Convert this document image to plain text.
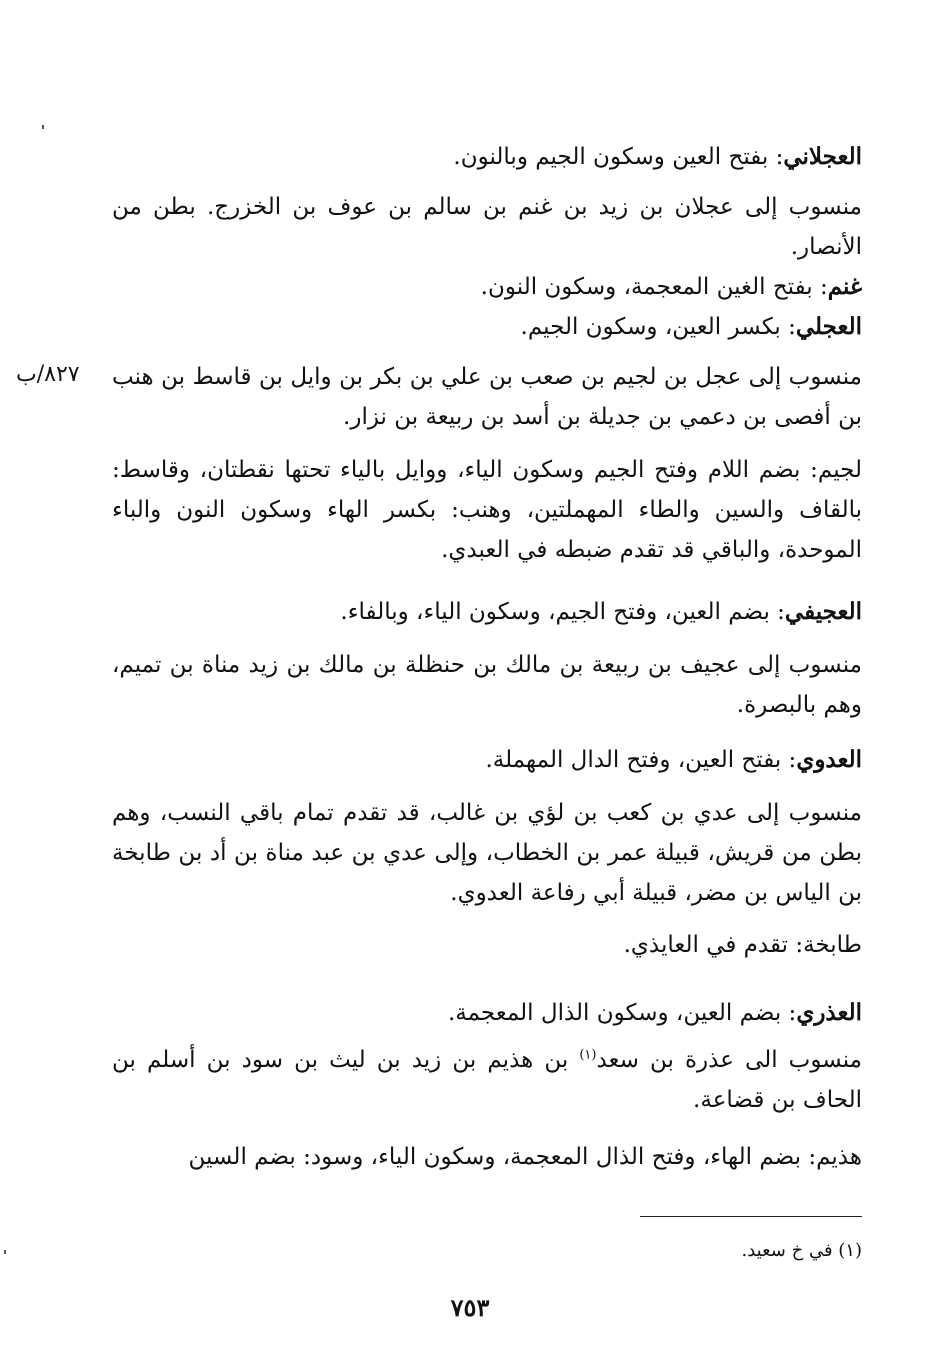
٨٢٧/ب

العجلاني: بفتح العين وسكون الجيم وبالنون.

منسوب إلى عجلان بن زيد بن غنم بن سالم بن عوف بن الخزرج. بطن من الأنصار.

غنم: بفتح الغين المعجمة، وسكون النون.

العجلي: بكسر العين، وسكون الجيم.

منسوب إلى عجل بن لجيم بن صعب بن علي بن بكر بن وايل بن قاسط بن هنب بن أفصى بن دعمي بن جديلة بن أسد بن ربيعة بن نزار.

لجيم: بضم اللام وفتح الجيم وسكون الياء، ووايل بالياء تحتها نقطتان، وقاسط: بالقاف والسين والطاء المهملتين، وهنب: بكسر الهاء وسكون النون والباء الموحدة، والباقي قد تقدم ضبطه في العبدي.

العجيفي: بضم العين، وفتح الجيم، وسكون الياء، وبالفاء.

منسوب إلى عجيف بن ربيعة بن مالك بن حنظلة بن مالك بن زيد مناة بن تميم، وهم بالبصرة.

العدوي: بفتح العين، وفتح الدال المهملة.

منسوب إلى عدي بن كعب بن لؤي بن غالب، قد تقدم تمام باقي النسب، وهم بطن من قريش، قبيلة عمر بن الخطاب، وإلى عدي بن عبد مناة بن أد بن طابخة بن الياس بن مضر، قبيلة أبي رفاعة العدوي.

طابخة: تقدم في العايذي.

العذري: بضم العين، وسكون الذال المعجمة.

منسوب الى عذرة بن سعد$^{(١)}$ بن هذيم بن زيد بن ليث بن سود بن أسلم بن الحاف بن قضاعة.

هذيم: بضم الهاء، وفتح الذال المعجمة، وسكون الياء، وسود: بضم السين

(١) في خ سعيد.
٧٥٣
